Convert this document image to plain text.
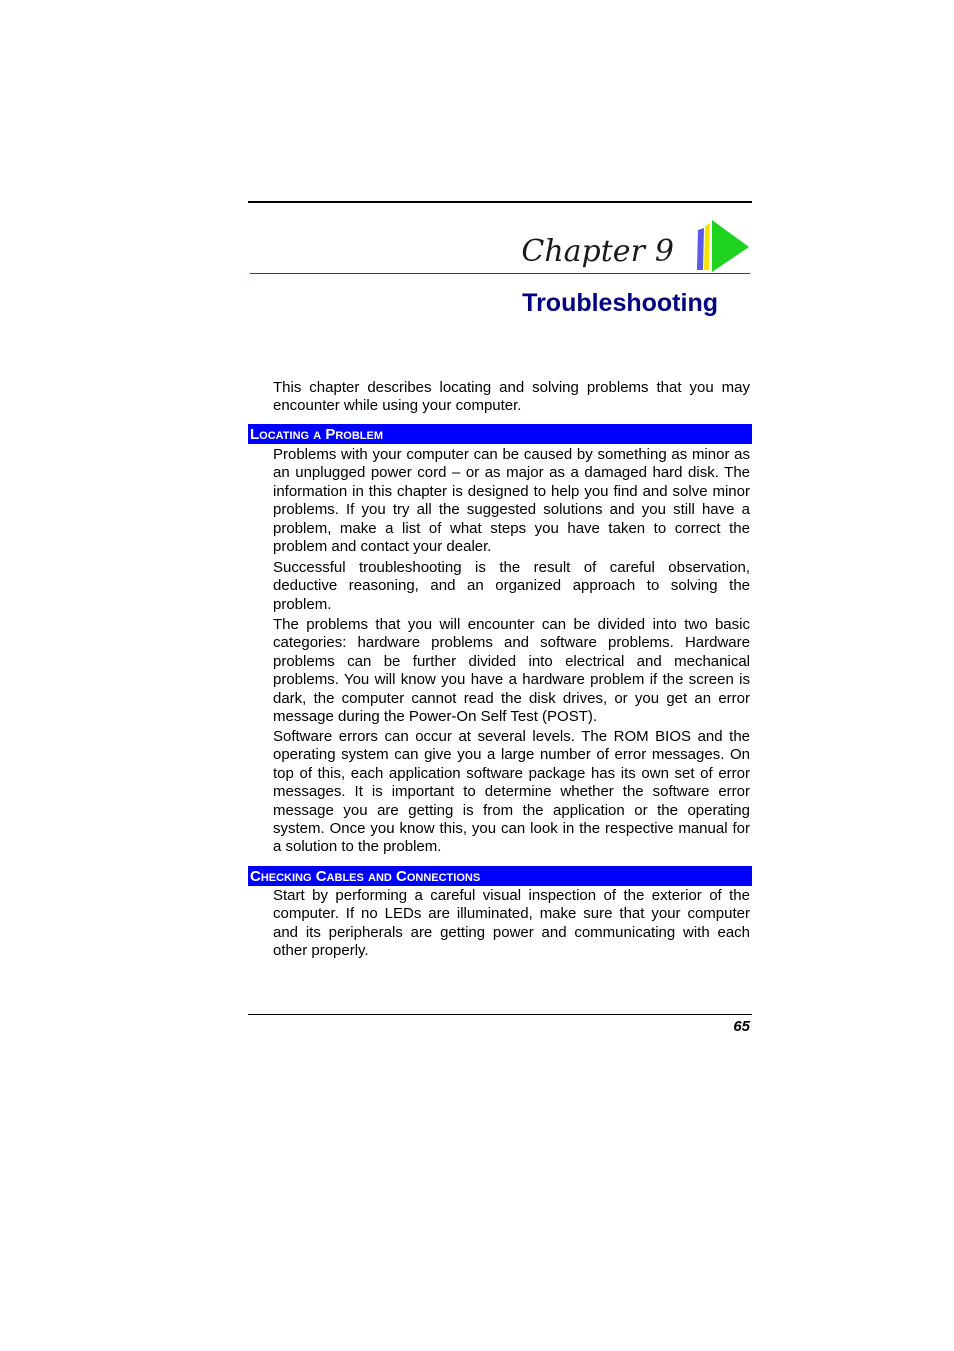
Chapter 9
Troubleshooting

This chapter describes locating and solving problems that you may encounter while using your computer.

Locating a Problem

Problems with your computer can be caused by something as minor as an unplugged power cord – or as major as a damaged hard disk. The information in this chapter is designed to help you find and solve minor problems. If you try all the suggested solutions and you still have a problem, make a list of what steps you have taken to correct the problem and contact your dealer.

Successful troubleshooting is the result of careful observation, deductive reasoning, and an organized approach to solving the problem.

The problems that you will encounter can be divided into two basic categories: hardware problems and software problems. Hardware problems can be further divided into electrical and mechanical problems. You will know you have a hardware problem if the screen is dark, the computer cannot read the disk drives, or you get an error message during the Power-On Self Test (POST).

Software errors can occur at several levels. The ROM BIOS and the operating system can give you a large number of error messages. On top of this, each application software package has its own set of error messages. It is important to determine whether the software error message you are getting is from the application or the operating system. Once you know this, you can look in the respective manual for a solution to the problem.

Checking Cables and Connections

Start by performing a careful visual inspection of the exterior of the computer. If no LEDs are illuminated, make sure that your computer and its peripherals are getting power and communicating with each other properly.

65
